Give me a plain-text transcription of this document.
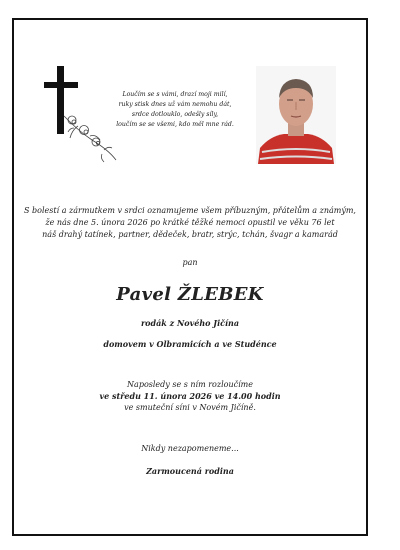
Loučím se s vámi, drazí moji milí,
ruky stisk dnes už vám nemohu dát,
srdce dotlouklo, odešly síly,
loučím se se všemi, kdo měl mne rád.
S bolestí a zármutkem v srdci oznamujeme všem příbuzným, přátelům a známým,
že nás dne 5. února 2026 po krátké těžké nemoci opustil ve věku 76 let
náš drahý tatínek, partner, dědeček, bratr, strýc, tchán, švagr a kamarád
pan
Pavel ŽLEBEK
rodák z Nového Jičína
domovem v Olbramicích a ve Studénce
Naposledy se s ním rozloučíme
ve středu 11. února 2026 ve 14.00 hodin
ve smuteční síni v Novém Jičíně.
Nikdy nezapomeneme...
Zarmoucená rodina
